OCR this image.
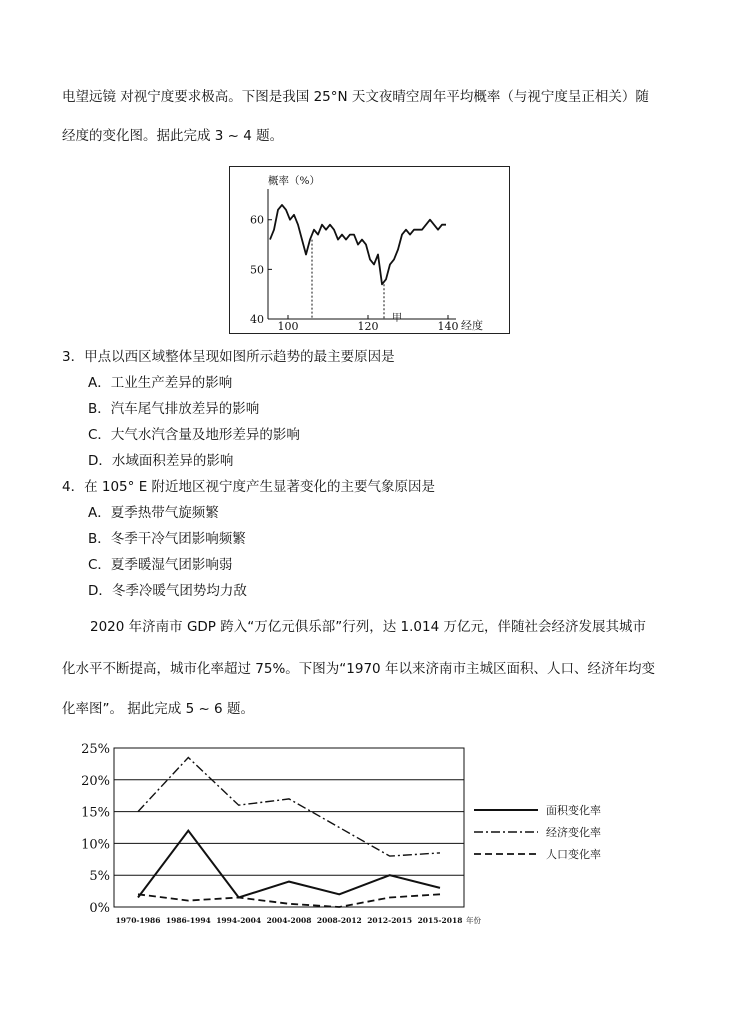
电望远镜 对视宁度要求极高。下图是我国 25°N 天文夜晴空周年平均概率（与视宁度呈正相关）随

经度的变化图。据此完成 3 ~ 4 题。

概率（%）
经度
甲
40
50
60
100	120	140

3．甲点以西区域整体呈现如图所示趋势的最主要原因是

A．工业生产差异的影响

B．汽车尾气排放差异的影响

C．大气水汽含量及地形差异的影响

D．水域面积差异的影响

4．在 105° E 附近地区视宁度产生显著变化的主要气象原因是

A．夏季热带气旋频繁

B．冬季干冷气团影响频繁

C．夏季暖湿气团影响弱

D．冬季冷暖气团势均力敌

2020 年济南市 GDP 跨入“万亿元俱乐部”行列，达 1.014 万亿元，伴随社会经济发展其城市

化水平不断提高，城市化率超过 75%。下图为“1970 年以来济南市主城区面积、人口、经济年均变

化率图”。 据此完成 5 ~ 6 题。

0%
5%
10%
15%
20%
25%
1970-1986 1986-1994 1994-2004 2004-2008 2008-2012 2012-2015 2015-2018 年份
面积变化率
经济变化率
人口变化率
